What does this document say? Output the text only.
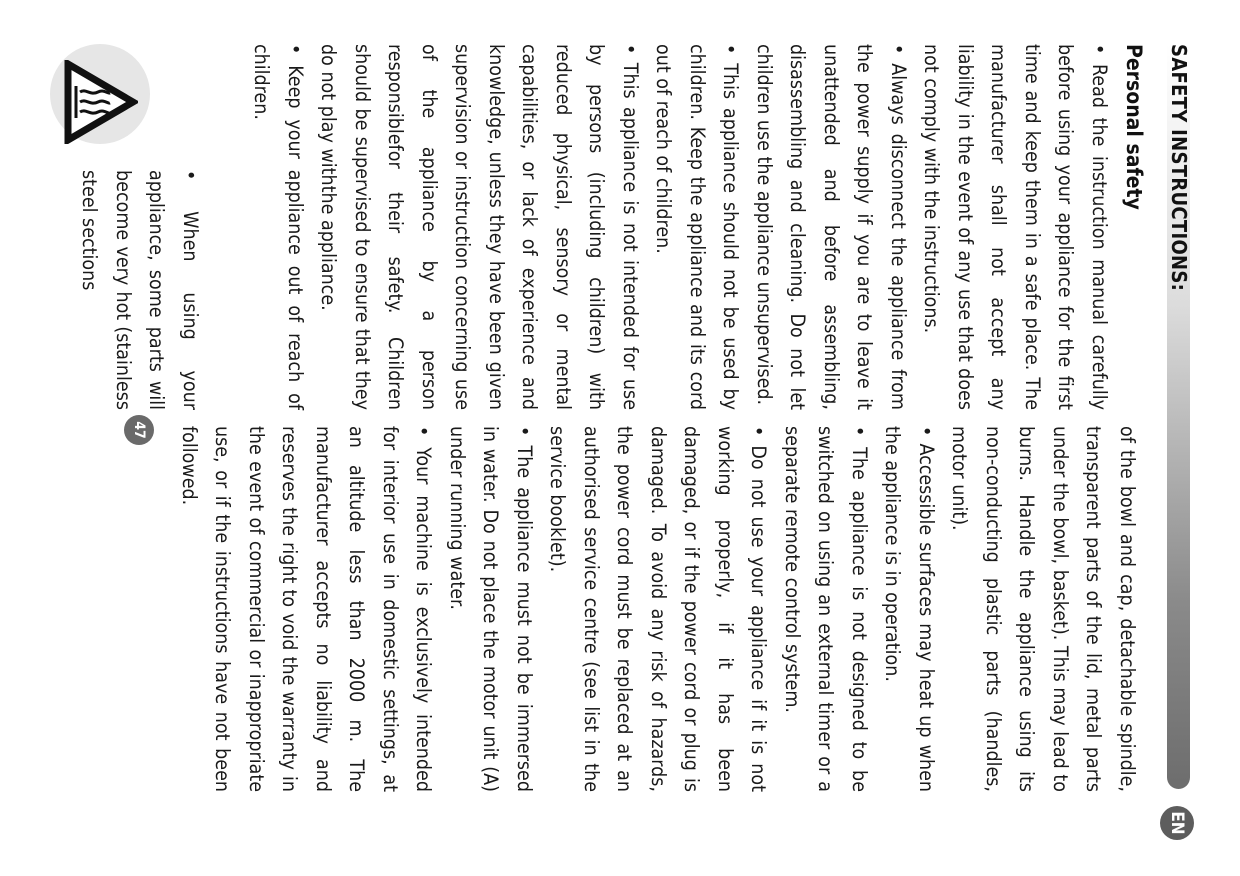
SAFETY INSTRUCTIONS:
EN
Personal safety

• Read the instruction manual carefully before using your appliance for the first time and keep them in a safe place. The manufacturer shall not accept any liability in the event of any use that does not comply with the instructions.

• Always disconnect the appliance from the power supply if you are to leave it unattended and before assembling, disassembling and cleaning. Do not let children use the appliance unsupervised.

• This appliance should not be used by children. Keep the appliance and its cord out of reach of children.

• This appliance is not intended for use by persons (including children) with reduced physical, sensory or mental capabilities, or lack of experience and knowledge, unless they have been given supervision or instruction concerning use of the appliance by a person responsiblefor their safety. Children should be supervised to ensure that they do not play withthe appliance.

• Keep your appliance out of reach of children.

• When using your appliance, some parts will become very hot (stainless steel sections
47	of the bowl and cap, detachable spindle, transparent parts of the lid, metal parts under the bowl, basket). This may lead to burns. Handle the appliance using its non-conducting plastic parts (handles, motor unit).

• Accessible surfaces may heat up when the appliance is in operation.

• The appliance is not designed to be switched on using an external timer or a separate remote control system.

• Do not use your appliance if it is not working properly, if it has been damaged, or if the power cord or plug is damaged. To avoid any risk of hazards, the power cord must be replaced at an authorised service centre (see list in the service booklet).

• The appliance must not be immersed in water. Do not place the motor unit (A) under running water.

• Your machine is exclusively intended for interior use in domestic settings, at an altitude less than 2000 m. The manufacturer accepts no liability and reserves the right to void the warranty in the event of commercial or inappropriate use, or if the instructions have not been followed.
